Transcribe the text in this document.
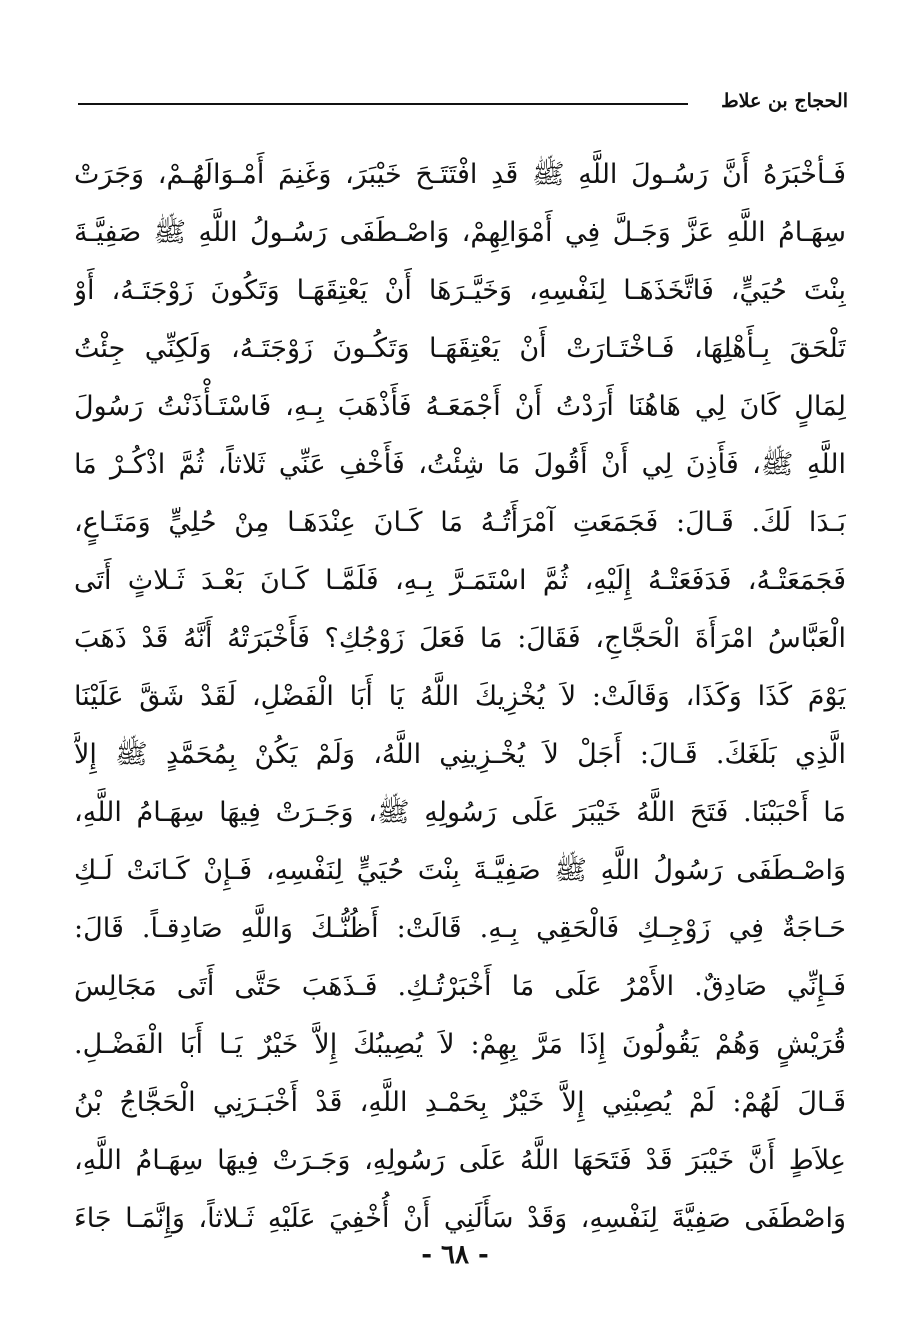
الحجاج بن علاط
فَـأخْبَرَهُ أَنَّ رَسُـولَ اللَّهِ ﷺ قَدِ افْتَتَـحَ خَيْبَرَ، وَغَنِمَ أَمْـوَالَهُـمْ، وَجَرَتْ
سِهَـامُ اللَّهِ عَزَّ وَجَـلَّ فِي أَمْوَالِهِمْ، وَاصْـطَفَى رَسُـولُ اللَّهِ ﷺ صَفِيَّـةَ
بِنْتَ حُيَيٍّ، فَاتَّخَذَهَـا لِنَفْسِهِ، وَخَيَّـرَهَا أَنْ يَعْتِقَهَـا وَتَكُونَ زَوْجَتَـهُ، أَوْ
تَلْحَقَ بِـأَهْلِهَا، فَـاخْتَـارَتْ أَنْ يَعْتِقَهَـا وَتَكُـونَ زَوْجَتَـهُ، وَلَكِنِّي جِئْتُ
لِمَالٍ كَانَ لِي هَاهُنَا أَرَدْتُ أَنْ أَجْمَعَـهُ فَأَذْهَبَ بِـهِ، فَاسْتَـأْذَنْتُ رَسُولَ
اللَّهِ ﷺ، فَأَذِنَ لِي أَنْ أَقُولَ مَا شِئْتُ، فَأَخْفِ عَنِّي ثَلاثاً، ثُمَّ اذْكُـرْ مَا
بَـدَا لَكَ. قَـالَ: فَجَمَعَتِ آمْرَأَتُـهُ مَا كَـانَ عِنْدَهَـا مِنْ حُلِيٍّ وَمَتَـاعٍ،
فَجَمَعَتْـهُ، فَدَفَعَتْـهُ إِلَيْهِ، ثُمَّ اسْتَمَـرَّ بِـهِ، فَلَمَّـا كَـانَ بَعْـدَ ثَـلاثٍ أَتَى
الْعَبَّاسُ امْرَأَةَ الْحَجَّاجِ، فَقَالَ: مَا فَعَلَ زَوْجُكِ؟ فَأَخْبَرَتْهُ أَنَّهُ قَدْ ذَهَبَ
يَوْمَ كَذَا وَكَذَا، وَقَالَتْ: لاَ يُخْزِيكَ اللَّهُ يَا أَبَا الْفَضْلِ، لَقَدْ شَقَّ عَلَيْنَا
الَّذِي بَلَغَكَ. قَـالَ: أَجَلْ لاَ يُخْـزِينِي اللَّهُ، وَلَمْ يَكُنْ بِمُحَمَّدٍ ﷺ إِلاَّ
مَا أَحْبَبْنَا. فَتَحَ اللَّهُ خَيْبَرَ عَلَى رَسُولِهِ ﷺ، وَجَـرَتْ فِيهَا سِهَـامُ اللَّهِ،
وَاصْـطَفَى رَسُولُ اللَّهِ ﷺ صَفِيَّـةَ بِنْتَ حُيَيٍّ لِنَفْسِهِ، فَـإِنْ كَـانَتْ لَـكِ
حَـاجَةٌ فِي زَوْجِـكِ فَالْحَقِي بِـهِ. قَالَتْ: أَظُنُّـكَ وَاللَّهِ صَادِقـاً. قَالَ:
فَـإِنِّي صَادِقٌ. الأَمْرُ عَلَى مَا أَخْبَرْتُـكِ. فَـذَهَبَ حَتَّى أَتَى مَجَالِسَ
قُرَيْشٍ وَهُمْ يَقُولُونَ إِذَا مَرَّ بِهِمْ: لاَ يُصِيبُكَ إِلاَّ خَيْرٌ يَـا أَبَا الْفَضْـلِ.
قَـالَ لَهُمْ: لَمْ يُصِبْنِي إِلاَّ خَيْرٌ بِحَمْـدِ اللَّهِ، قَدْ أَخْبَـرَنِي الْحَجَّاجُ بْنُ
عِلاَطٍ أَنَّ خَيْبَرَ قَدْ فَتَحَهَا اللَّهُ عَلَى رَسُولِهِ، وَجَـرَتْ فِيهَا سِهَـامُ اللَّهِ،
وَاصْطَفَى صَفِيَّةَ لِنَفْسِهِ، وَقَدْ سَأَلَنِي أَنْ أُخْفِيَ عَلَيْهِ ثَـلاثاً، وَإِنَّمَـا جَاءَ
- ٦٨ -
